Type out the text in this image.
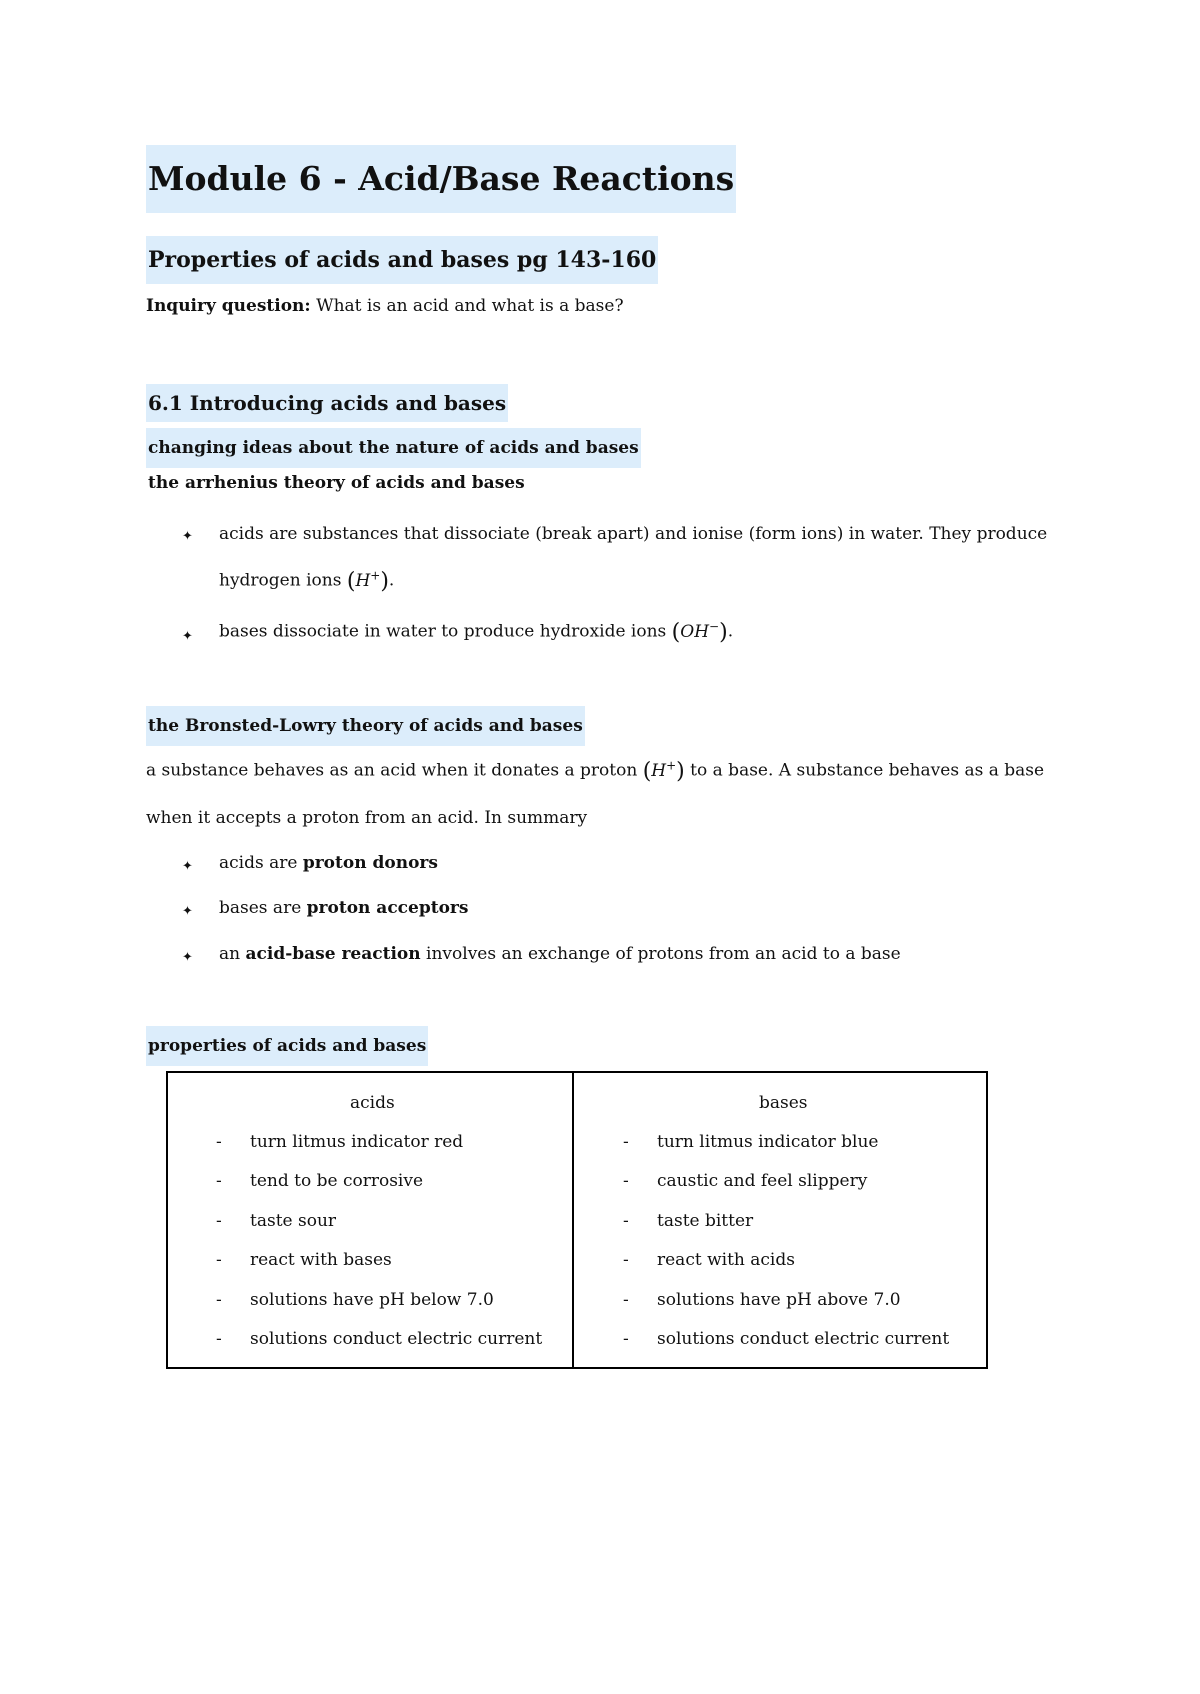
Module 6 - Acid/Base Reactions
Properties of acids and bases pg 143-160
Inquiry question: What is an acid and what is a base?
6.1 Introducing acids and bases
changing ideas about the nature of acids and bases
the arrhenius theory of acids and bases
✦ acids are substances that dissociate (break apart) and ionise (form ions) in water. They produce
hydrogen ions (H+).
✦ bases dissociate in water to produce hydroxide ions (OH−).
the Bronsted-Lowry theory of acids and bases
a substance behaves as an acid when it donates a proton (H+) to a base. A substance behaves as a base
when it accepts a proton from an acid. In summary
✦ acids are proton donors
✦ bases are proton acceptors
✦ an acid-base reaction involves an exchange of protons from an acid to a base
properties of acids and bases
acids	bases
- turn litmus indicator red
- tend to be corrosive
- taste sour
- react with bases
- solutions have pH below 7.0
- solutions conduct electric current
- turn litmus indicator blue
- caustic and feel slippery
- taste bitter
- react with acids
- solutions have pH above 7.0
- solutions conduct electric current
